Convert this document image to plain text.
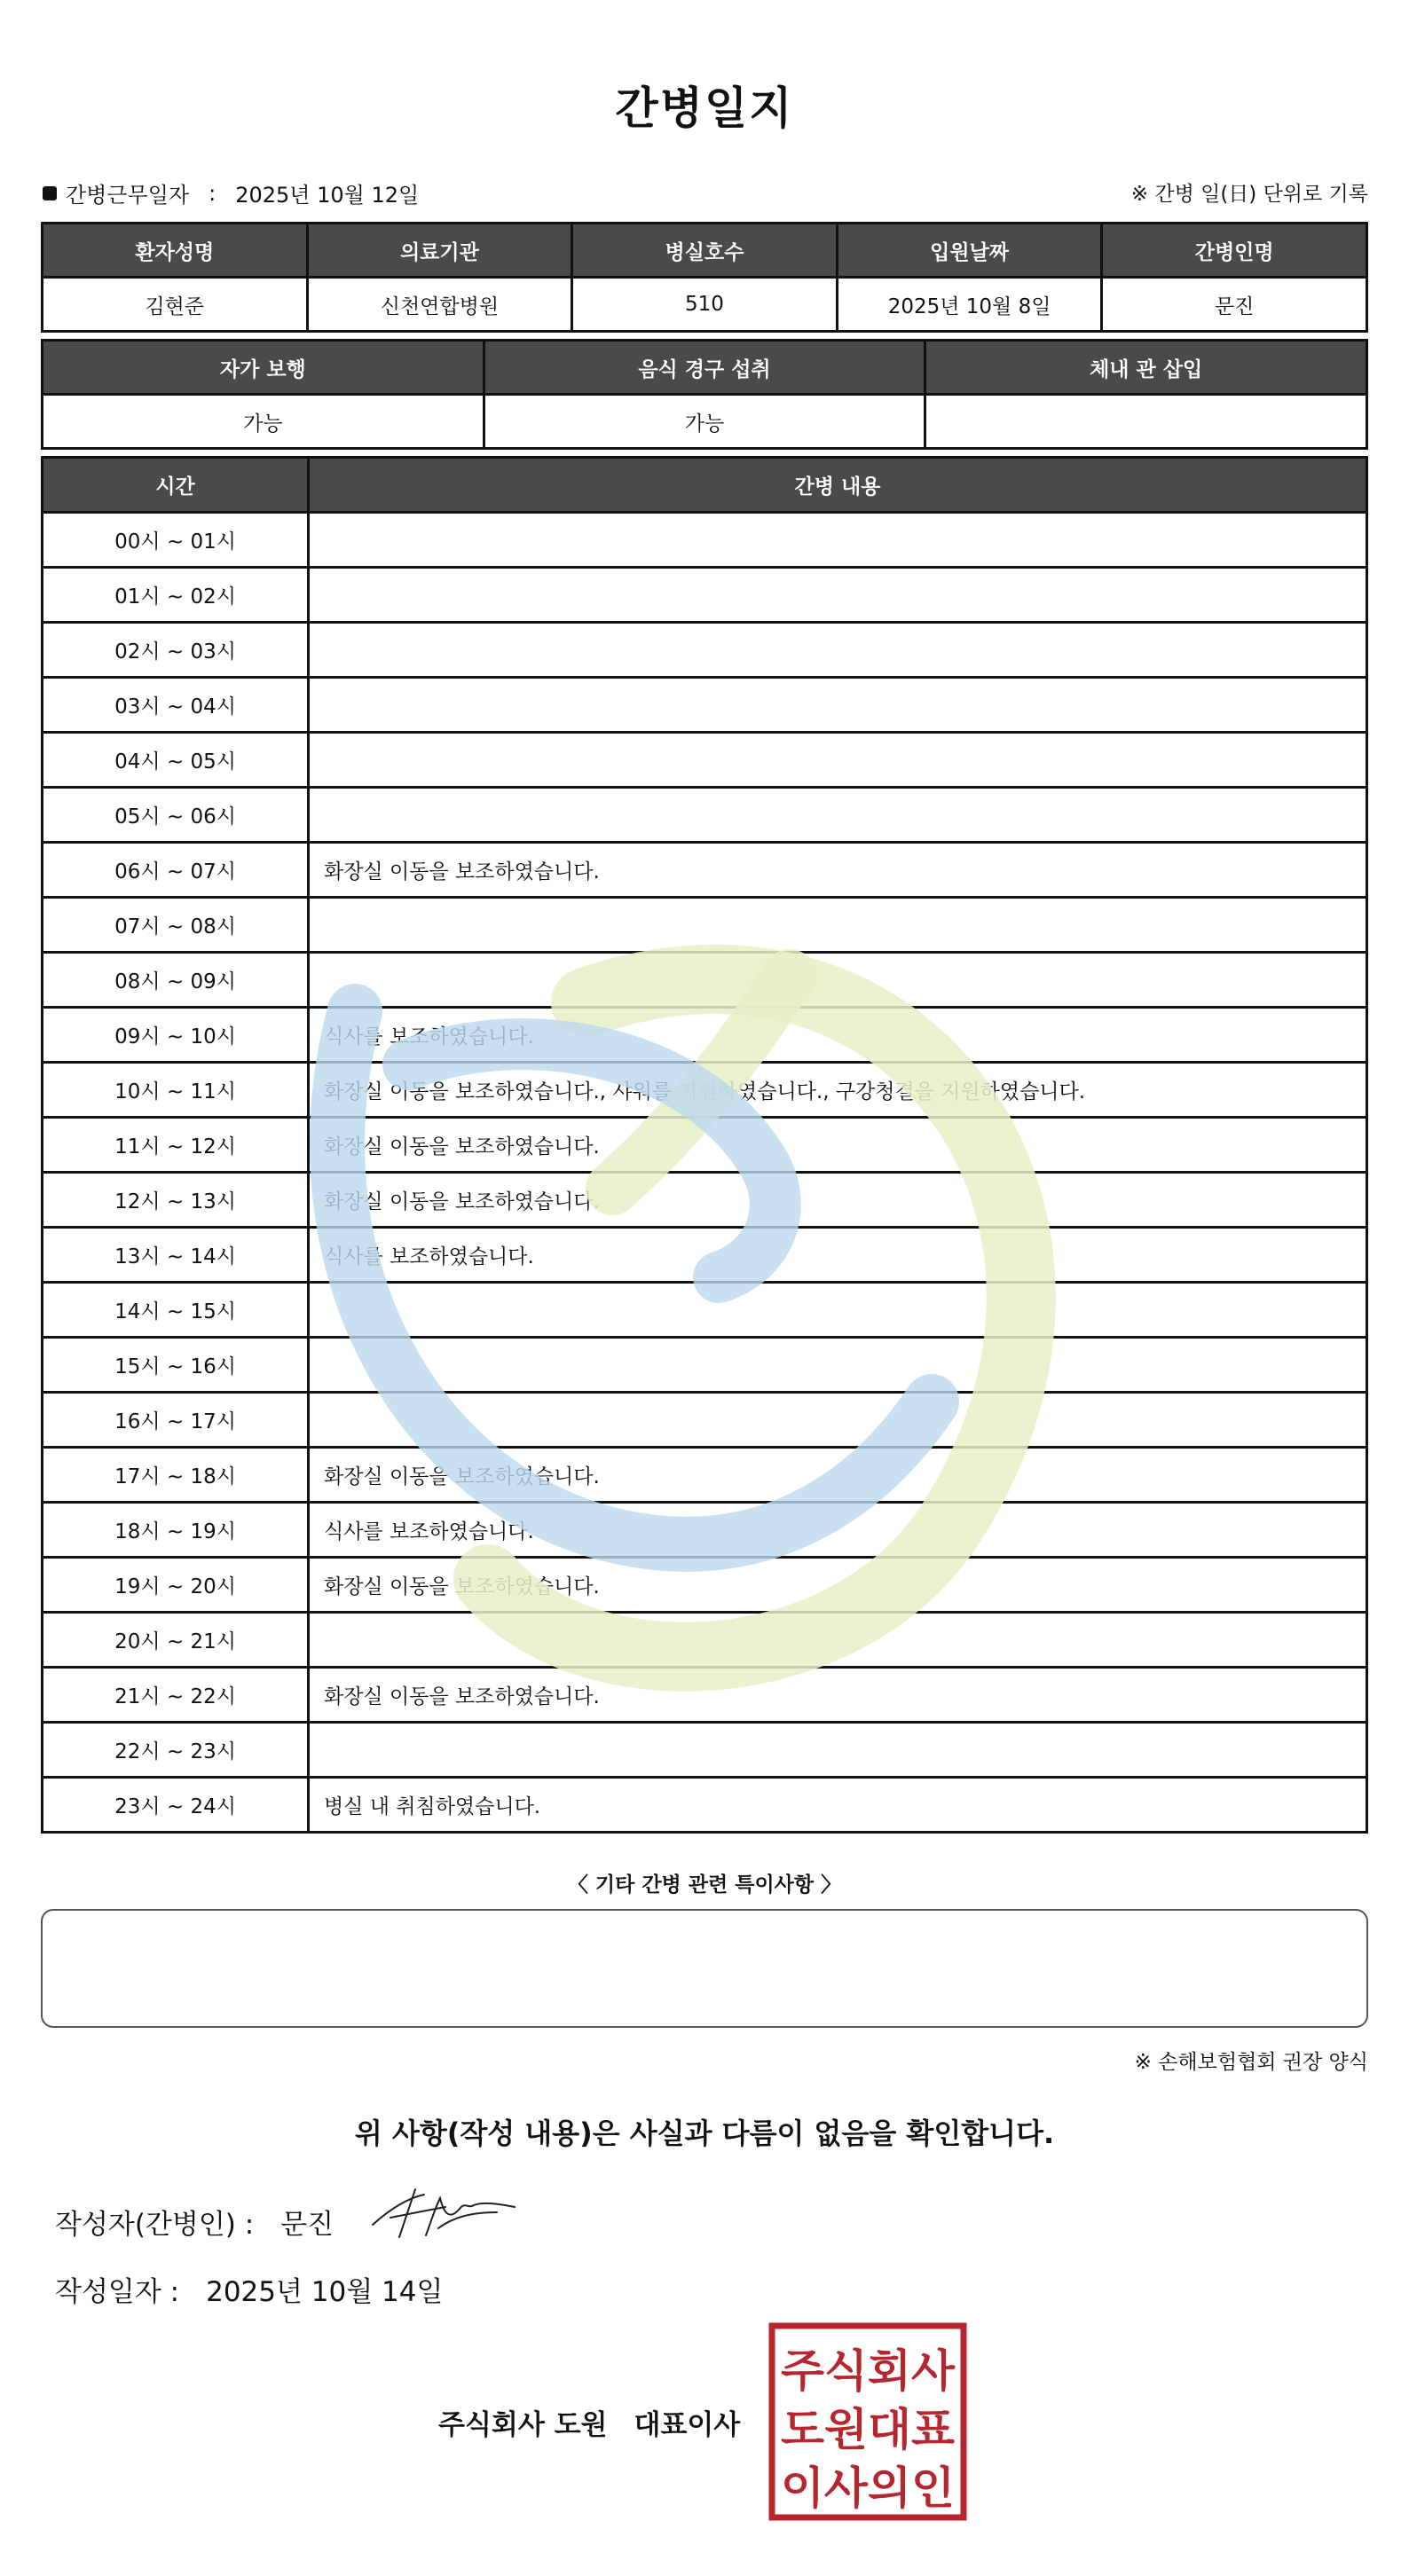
간병일지
간병근무일자 : 2025년 10월 12일	※ 간병 일(日) 단위로 기록
환자성명	의료기관	병실호수	입원날짜	간병인명
김현준	신천연합병원	510	2025년 10월 8일	문진
자가 보행	음식 경구 섭취	체내 관 삽입
가능	가능	
시간	간병 내용
00시 ~ 01시	
01시 ~ 02시	
02시 ~ 03시	
03시 ~ 04시	
04시 ~ 05시	
05시 ~ 06시	
06시 ~ 07시	화장실 이동을 보조하였습니다.
07시 ~ 08시	
08시 ~ 09시	
09시 ~ 10시	식사를 보조하였습니다.
10시 ~ 11시	화장실 이동을 보조하였습니다., 샤워를 지원하였습니다., 구강청결을 지원하였습니다.
11시 ~ 12시	화장실 이동을 보조하였습니다.
12시 ~ 13시	화장실 이동을 보조하였습니다.
13시 ~ 14시	식사를 보조하였습니다.
14시 ~ 15시	
15시 ~ 16시	
16시 ~ 17시	
17시 ~ 18시	화장실 이동을 보조하였습니다.
18시 ~ 19시	식사를 보조하였습니다.
19시 ~ 20시	화장실 이동을 보조하였습니다.
20시 ~ 21시	
21시 ~ 22시	화장실 이동을 보조하였습니다.
22시 ~ 23시	
23시 ~ 24시	병실 내 취침하였습니다.
〈 기타 간병 관련 특이사항 〉
※ 손해보험협회 권장 양식
위 사항(작성 내용)은 사실과 다름이 없음을 확인합니다.
작성자(간병인) : 문진
작성일자 : 2025년 10월 14일
주식회사 도원 대표이사
주식회사
도원대표
이사의인
